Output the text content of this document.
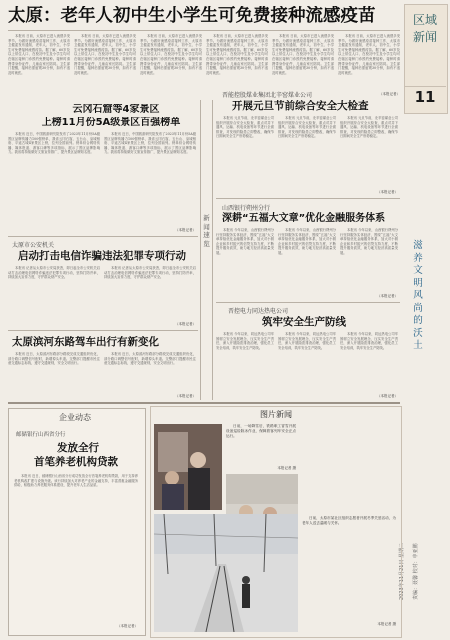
太原：老年人初中生小学生可免费接种流感疫苗
本报讯 日前，太原市已进入流感多发季节。为做好流感疫苗接种工作，太原市卫健委发布通知，老年人、初中生、小学生可免费接种流感疫苗。据了解，60岁及以上常住人口、在校初中生及小学生均可在辖区接种门诊预约免费接种。接种时请携带身份证件，儿童由家长陪同。卫生部门提醒，接种后需留观30分钟，如有不适及时就医。
本报讯 日前，太原市已进入流感多发季节。为做好流感疫苗接种工作，太原市卫健委发布通知，老年人、初中生、小学生可免费接种流感疫苗。据了解，60岁及以上常住人口、在校初中生及小学生均可在辖区接种门诊预约免费接种。接种时请携带身份证件，儿童由家长陪同。卫生部门提醒，接种后需留观30分钟，如有不适及时就医。
本报讯 日前，太原市已进入流感多发季节。为做好流感疫苗接种工作，太原市卫健委发布通知，老年人、初中生、小学生可免费接种流感疫苗。据了解，60岁及以上常住人口、在校初中生及小学生均可在辖区接种门诊预约免费接种。接种时请携带身份证件，儿童由家长陪同。卫生部门提醒，接种后需留观30分钟，如有不适及时就医。
本报讯 日前，太原市已进入流感多发季节。为做好流感疫苗接种工作，太原市卫健委发布通知，老年人、初中生、小学生可免费接种流感疫苗。据了解，60岁及以上常住人口、在校初中生及小学生均可在辖区接种门诊预约免费接种。接种时请携带身份证件，儿童由家长陪同。卫生部门提醒，接种后需留观30分钟，如有不适及时就医。
本报讯 日前，太原市已进入流感多发季节。为做好流感疫苗接种工作，太原市卫健委发布通知，老年人、初中生、小学生可免费接种流感疫苗。据了解，60岁及以上常住人口、在校初中生及小学生均可在辖区接种门诊预约免费接种。接种时请携带身份证件，儿童由家长陪同。卫生部门提醒，接种后需留观30分钟，如有不适及时就医。
本报讯 日前，太原市已进入流感多发季节。为做好流感疫苗接种工作，太原市卫健委发布通知，老年人、初中生、小学生可免费接种流感疫苗。据了解，60岁及以上常住人口、在校初中生及小学生均可在辖区接种门诊预约免费接种。接种时请携带身份证件，儿童由家长陪同。卫生部门提醒，接种后需留观30分钟，如有不适及时就医。
（本报记者）
区域新闻
11
滋养文明风尚的沃土
2023年11月21日 星期二 责编：聂馨 校对：申亚鹏
云冈石窟等4家景区
上榜11月份5A级景区百强榜单
本报讯 近日，中国旅游研究院发布了2023年11月份5A级景区品牌传播力100强榜单，我省云冈石窟、五台山、皇城相府、平遥古城4家景区上榜，位列全国前列。榜单综合网络传播、媒体报道、游客口碑等多项指标，展示了景区品牌影响力。我省将持续做好文旅宣传推广，提升景区品牌知名度。
本报讯 近日，中国旅游研究院发布了2023年11月份5A级景区品牌传播力100强榜单，我省云冈石窟、五台山、皇城相府、平遥古城4家景区上榜，位列全国前列。榜单综合网络传播、媒体报道、游客口碑等多项指标，展示了景区品牌影响力。我省将持续做好文旅宣传推广，提升景区品牌知名度。
（本报记者）
太原市公安机关
启动打击电信诈骗违法犯罪专项行动
本报讯 记者从太原市公安局获悉，即日起全市公安机关启动打击治理电信网络诈骗违法犯罪专项行动，坚持打防并举，持续加大宣传力度，守护群众财产安全。
本报讯 记者从太原市公安局获悉，即日起全市公安机关启动打击治理电信网络诈骗违法犯罪专项行动，坚持打防并举，持续加大宣传力度，守护群众财产安全。
（本报记者）
太原滨河东路驾车出行有新变化
本报讯 近日，太原滨河东路部分路段完成交通组织优化，部分路口调整信号配时，新增掉头车道。交警部门提醒市民注意交通标志标线，遵守交通规则，安全文明出行。
本报讯 近日，太原滨河东路部分路段完成交通组织优化，部分路口调整信号配时，新增掉头车道。交警部门提醒市民注意交通标志标线，遵守交通规则，安全文明出行。
（本报记者）
新闻速览
晋能控股煤业集团北辛窑煤业公司
开展元旦节前综合安全大检查
本报讯 元旦节前，北辛窑煤业公司组织开展综合安全大检查，重点对井下通风、运输、机电设备等环节进行全面排查，对发现的隐患立即整改，确保节日期间安全生产形势稳定。
本报讯 元旦节前，北辛窑煤业公司组织开展综合安全大检查，重点对井下通风、运输、机电设备等环节进行全面排查，对发现的隐患立即整改，确保节日期间安全生产形势稳定。
本报讯 元旦节前，北辛窑煤业公司组织开展综合安全大检查，重点对井下通风、运输、机电设备等环节进行全面排查，对发现的隐患立即整改，确保节日期间安全生产形势稳定。
（本报记者）
山西银行朔州分行
深耕“五福大文章”优化金融服务体系
本报讯 今年以来，山西银行朔州分行坚持服务实体经济，围绕“五福”大文章持续优化金融服务体系，加大对小微企业和乡村振兴的信贷支持力度，不断提升服务质效，助力地方经济高质量发展。
本报讯 今年以来，山西银行朔州分行坚持服务实体经济，围绕“五福”大文章持续优化金融服务体系，加大对小微企业和乡村振兴的信贷支持力度，不断提升服务质效，助力地方经济高质量发展。
本报讯 今年以来，山西银行朔州分行坚持服务实体经济，围绕“五福”大文章持续优化金融服务体系，加大对小微企业和乡村振兴的信贷支持力度，不断提升服务质效，助力地方经济高质量发展。
（本报记者）
晋控电力同达热电公司
筑牢安全生产防线
本报讯 今年以来，同达热电公司牢固树立安全发展理念，压实安全生产责任，深入开展隐患排查治理，强化员工安全培训，筑牢安全生产防线。
本报讯 今年以来，同达热电公司牢固树立安全发展理念，压实安全生产责任，深入开展隐患排查治理，强化员工安全培训，筑牢安全生产防线。
本报讯 今年以来，同达热电公司牢固树立安全发展理念，压实安全生产责任，深入开展隐患排查治理，强化员工安全培训，筑牢安全生产防线。
（本报记者）
企业动态
邮储银行山西省分行
发放全行
首笔养老机构贷款
本报讯 近日，邮储银行山西省分行成功发放全行首笔养老机构贷款，用于支持养老机构改扩建与设施升级。该行持续加大对养老产业的金融支持，丰富普惠金融服务供给，积极助力养老服务体系建设，提升老年人生活品质。
（本报记者）
图片新闻
日前，一场降雪后，铁路职工冒雪开展设备巡检除冰作业，保障旅客列车安全正点运行。
本报记者 摄
日前，太原市某社区组织志愿者开展冬季关爱活动，为老年人送去温暖与关怀。
本报记者 摄
